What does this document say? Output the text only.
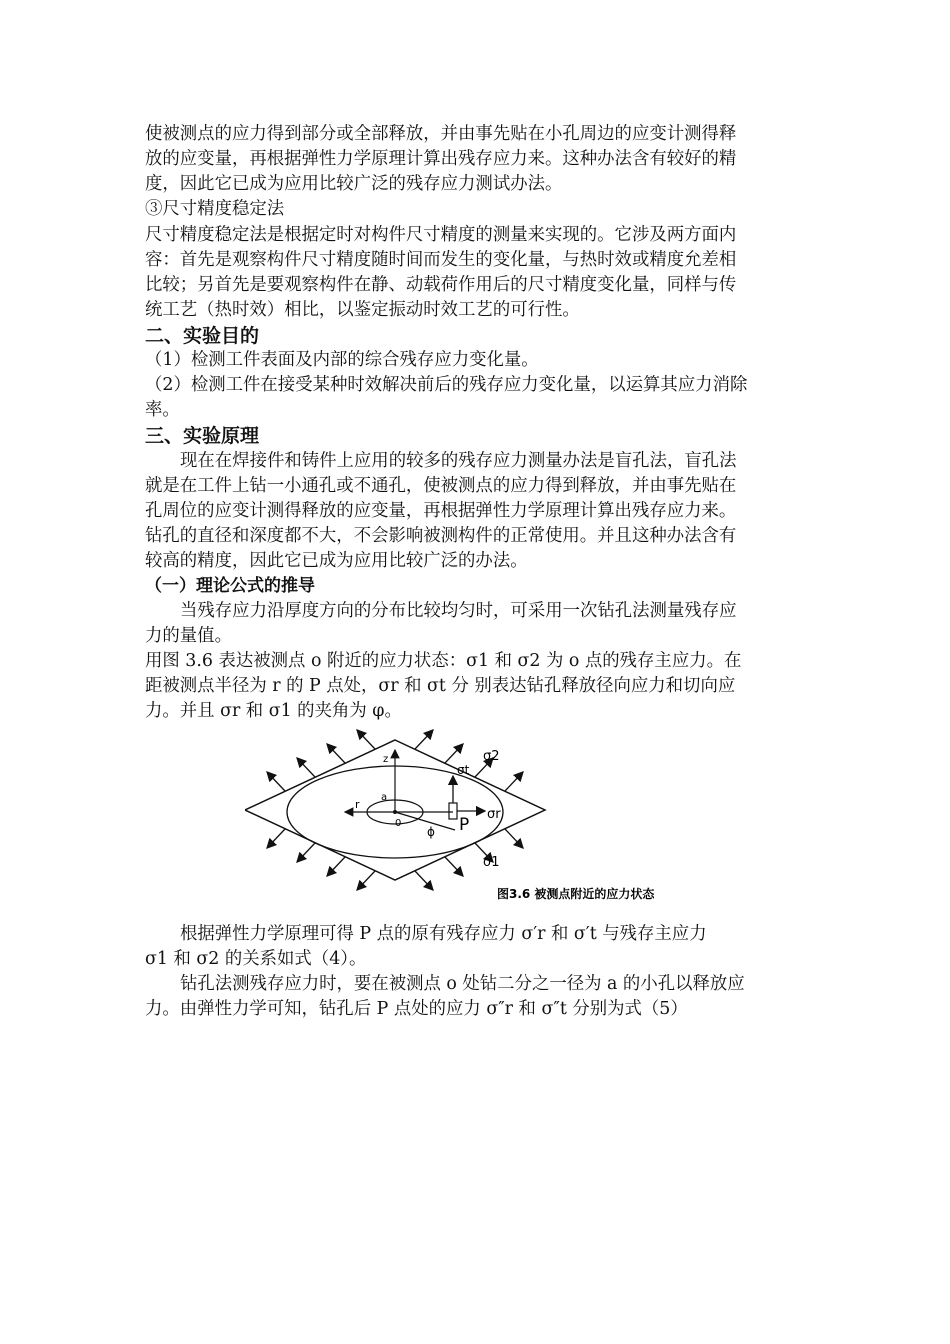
使被测点的应力得到部分或全部释放，并由事先贴在小孔周边的应变计测得释
放的应变量，再根据弹性力学原理计算出残存应力来。这种办法含有较好的精
度，因此它已成为应用比较广泛的残存应力测试办法。
③尺寸精度稳定法
尺寸精度稳定法是根据定时对构件尺寸精度的测量来实现的。它涉及两方面内
容：首先是观察构件尺寸精度随时间而发生的变化量，与热时效或精度允差相
比较；另首先是要观察构件在静、动载荷作用后的尺寸精度变化量，同样与传
统工艺（热时效）相比，以鉴定振动时效工艺的可行性。
二、实验目的
（1）检测工件表面及内部的综合残存应力变化量。
（2）检测工件在接受某种时效解决前后的残存应力变化量，以运算其应力消除
率。
三、实验原理
现在在焊接件和铸件上应用的较多的残存应力测量办法是盲孔法，盲孔法
就是在工件上钻一小通孔或不通孔，使被测点的应力得到释放，并由事先贴在
孔周位的应变计测得释放的应变量，再根据弹性力学原理计算出残存应力来。
钻孔的直径和深度都不大，不会影响被测构件的正常使用。并且这种办法含有
较高的精度，因此它已成为应用比较广泛的办法。
（一）理论公式的推导
当残存应力沿厚度方向的分布比较均匀时，可采用一次钻孔法测量残存应
力的量值。
用图 3.6 表达被测点 o 附近的应力状态：σ1 和 σ2 为 o 点的残存主应力。在
距被测点半径为 r 的 P 点处，σr 和 σt 分 别表达钻孔释放径向应力和切向应
力。并且 σr 和 σ1 的夹角为 φ。
z
a
r
0
ϕ P
σ2
σr
σt
σ1
图3.6 被测点附近的应力状态
根据弹性力学原理可得 P 点的原有残存应力 σ′r 和 σ′t 与残存主应力
σ1 和 σ2 的关系如式（4）。
钻孔法测残存应力时，要在被测点 o 处钻二分之一径为 a 的小孔以释放应
力。由弹性力学可知，钻孔后 P 点处的应力 σ″r 和 σ″t 分别为式（5）
